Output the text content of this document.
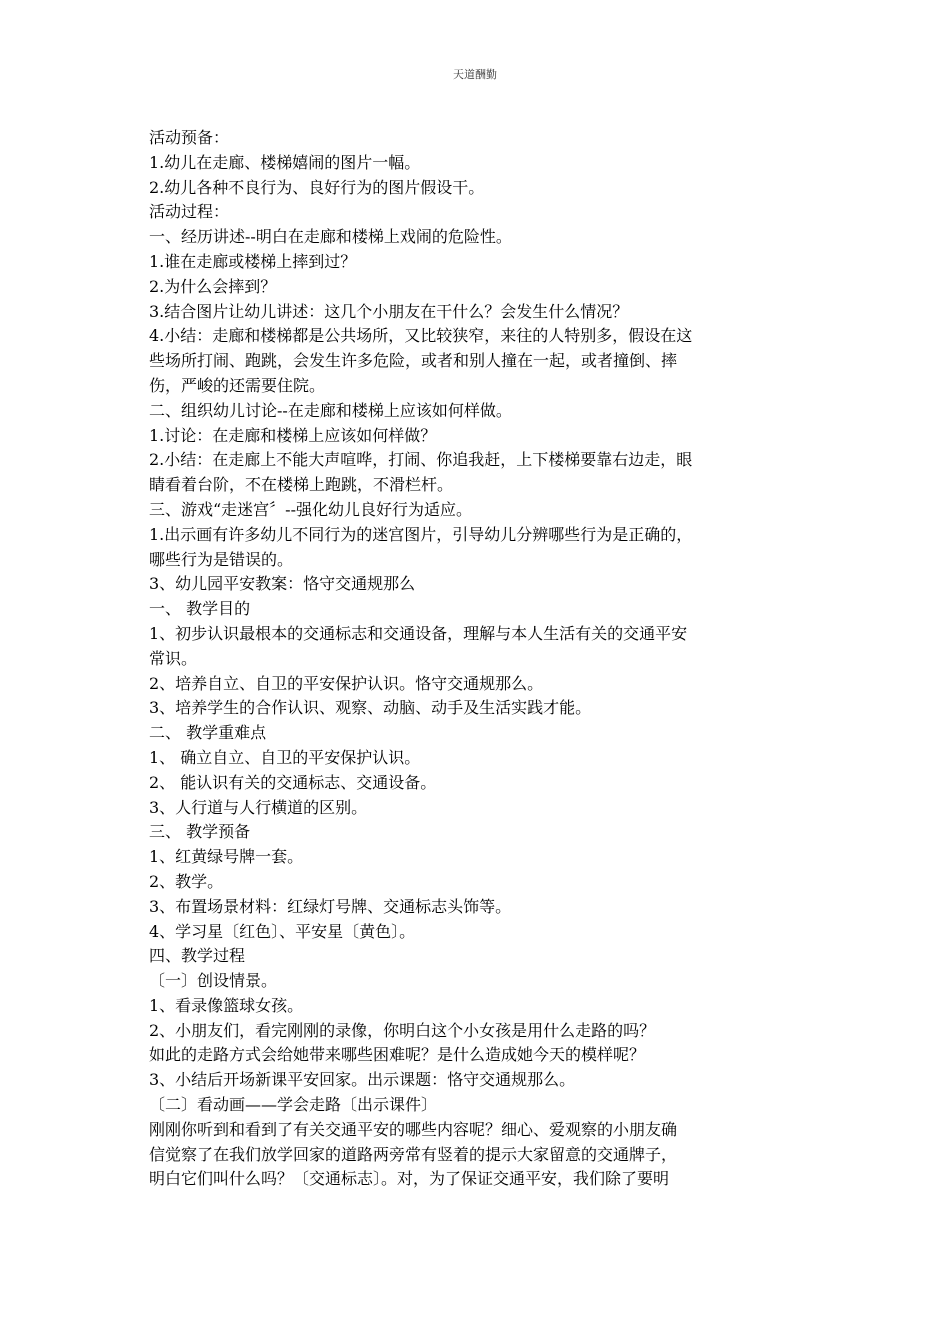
天道酬勤
活动预备：
1.幼儿在走廊、楼梯嬉闹的图片一幅。
2.幼儿各种不良行为、良好行为的图片假设干。
活动过程：
一、经历讲述--明白在走廊和楼梯上戏闹的危险性。
1.谁在走廊或楼梯上摔到过？
2.为什么会摔到？
3.结合图片让幼儿讲述：这几个小朋友在干什么？会发生什么情况？
4.小结：走廊和楼梯都是公共场所，又比较狭窄，来往的人特别多，假设在这
些场所打闹、跑跳，会发生许多危险，或者和别人撞在一起，或者撞倒、摔
伤，严峻的还需要住院。
二、组织幼儿讨论--在走廊和楼梯上应该如何样做。
1.讨论：在走廊和楼梯上应该如何样做？
2.小结：在走廊上不能大声喧哗，打闹、你追我赶，上下楼梯要靠右边走，眼
睛看着台阶，不在楼梯上跑跳，不滑栏杆。
三、游戏“走迷宫〞--强化幼儿良好行为适应。
1.出示画有许多幼儿不同行为的迷宫图片，引导幼儿分辨哪些行为是正确的，
哪些行为是错误的。
3、幼儿园平安教案：恪守交通规那么
一、 教学目的
1、初步认识最根本的交通标志和交通设备，理解与本人生活有关的交通平安
常识。
2、培养自立、自卫的平安保护认识。恪守交通规那么。
3、培养学生的合作认识、观察、动脑、动手及生活实践才能。
二、 教学重难点
1、 确立自立、自卫的平安保护认识。
2、 能认识有关的交通标志、交通设备。
3、人行道与人行横道的区别。
三、 教学预备
1、红黄绿号牌一套。
2、教学。
3、布置场景材料：红绿灯号牌、交通标志头饰等。
4、学习星〔红色〕、平安星〔黄色〕。
四、教学过程
〔一〕创设情景。
1、看录像篮球女孩。
2、小朋友们，看完刚刚的录像，你明白这个小女孩是用什么走路的吗？
如此的走路方式会给她带来哪些困难呢？是什么造成她今天的模样呢？
3、小结后开场新课平安回家。出示课题：恪守交通规那么。
〔二〕看动画——学会走路〔出示课件〕
刚刚你听到和看到了有关交通平安的哪些内容呢？细心、爱观察的小朋友确
信觉察了在我们放学回家的道路两旁常有竖着的提示大家留意的交通牌子，
明白它们叫什么吗？〔交通标志〕。对，为了保证交通平安，我们除了要明
